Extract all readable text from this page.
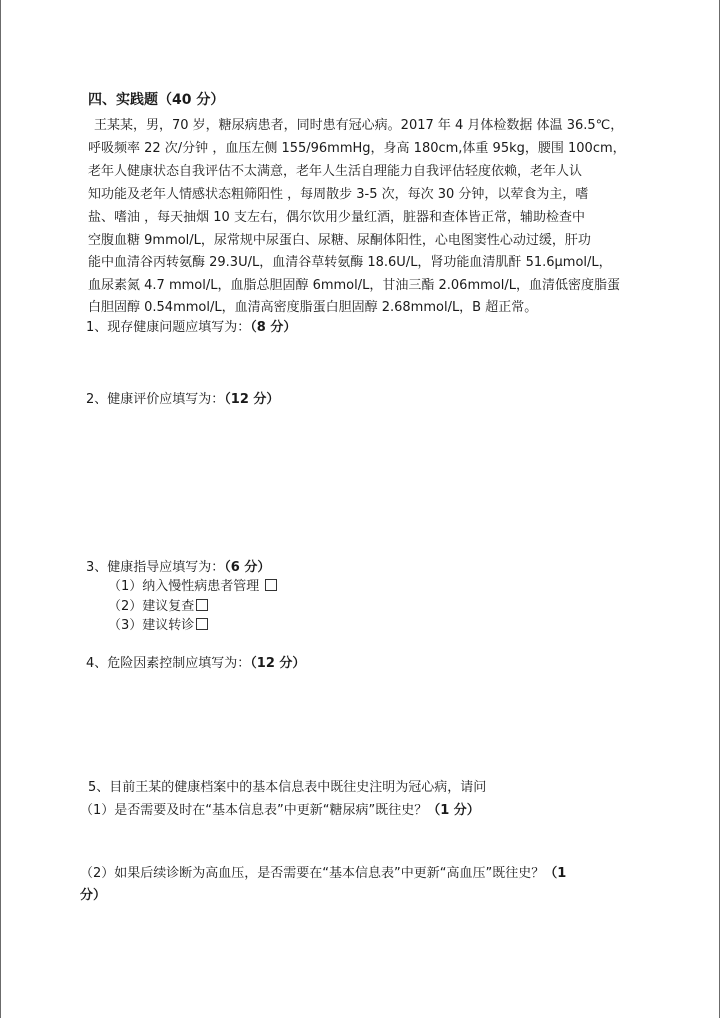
四、实践题（40 分）
王某某，男，70 岁，糖尿病患者，同时患有冠心病。2017 年 4 月体检数据 体温 36.5℃，
呼吸频率 22 次/分钟 ，血压左侧 155/96mmHg，身高 180cm,体重 95kg，腰围 100cm，
老年人健康状态自我评估不太满意，老年人生活自理能力自我评估轻度依赖，老年人认
知功能及老年人情感状态粗筛阳性 ，每周散步 3-5 次，每次 30 分钟，以荤食为主，嗜
盐、嗜油 ，每天抽烟 10 支左右，偶尔饮用少量红酒，脏器和查体皆正常，辅助检查中
空腹血糖 9mmol/L，尿常规中尿蛋白、尿糖、尿酮体阳性，心电图窦性心动过缓，肝功
能中血清谷丙转氨酶 29.3U/L，血清谷草转氨酶 18.6U/L，肾功能血清肌酐 51.6μmol/L，
血尿素氮 4.7 mmol/L，血脂总胆固醇 6mmol/L，甘油三酯 2.06mmol/L，血清低密度脂蛋
白胆固醇 0.54mmol/L，血清高密度脂蛋白胆固醇 2.68mmol/L，B 超正常。
1、现存健康问题应填写为：（8 分）
2、健康评价应填写为：（12 分）
3、健康指导应填写为：（6 分）
（1）纳入慢性病患者管理
（2）建议复查
（3）建议转诊
4、危险因素控制应填写为：（12 分）
5、目前王某的健康档案中的基本信息表中既往史注明为冠心病，请问
（1）是否需要及时在“基本信息表”中更新“糖尿病”既往史？（1 分）
（2）如果后续诊断为高血压，是否需要在“基本信息表”中更新“高血压”既往史？（1
分）
